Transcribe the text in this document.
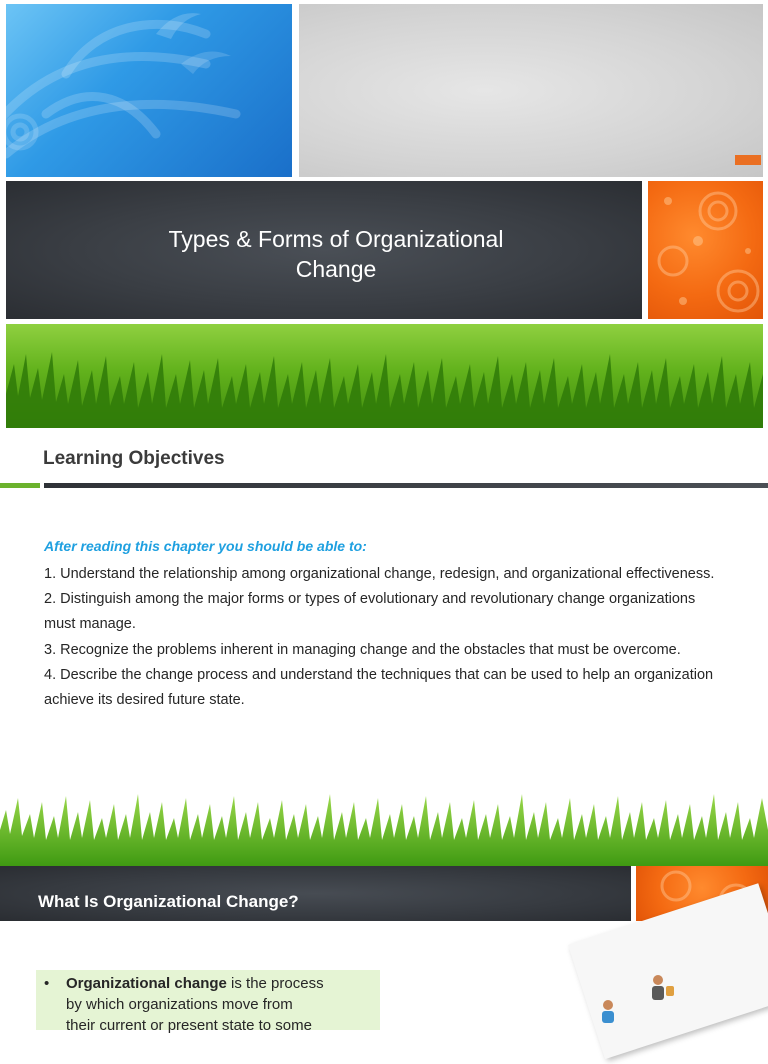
Types & Forms of Organizational
Change
Learning Objectives
After reading this chapter you should be able to:
1. Understand the relationship among organizational change, redesign, and organizational effectiveness.
2. Distinguish among the major forms or types of evolutionary and revolutionary change organizations must manage.
3. Recognize the problems inherent in managing change and the obstacles that must be overcome.
4. Describe the change process and understand the techniques that can be used to help an organization achieve its desired future state.
What Is Organizational Change?
• Organizational change is the process
by which organizations move from
their current or present state to some
